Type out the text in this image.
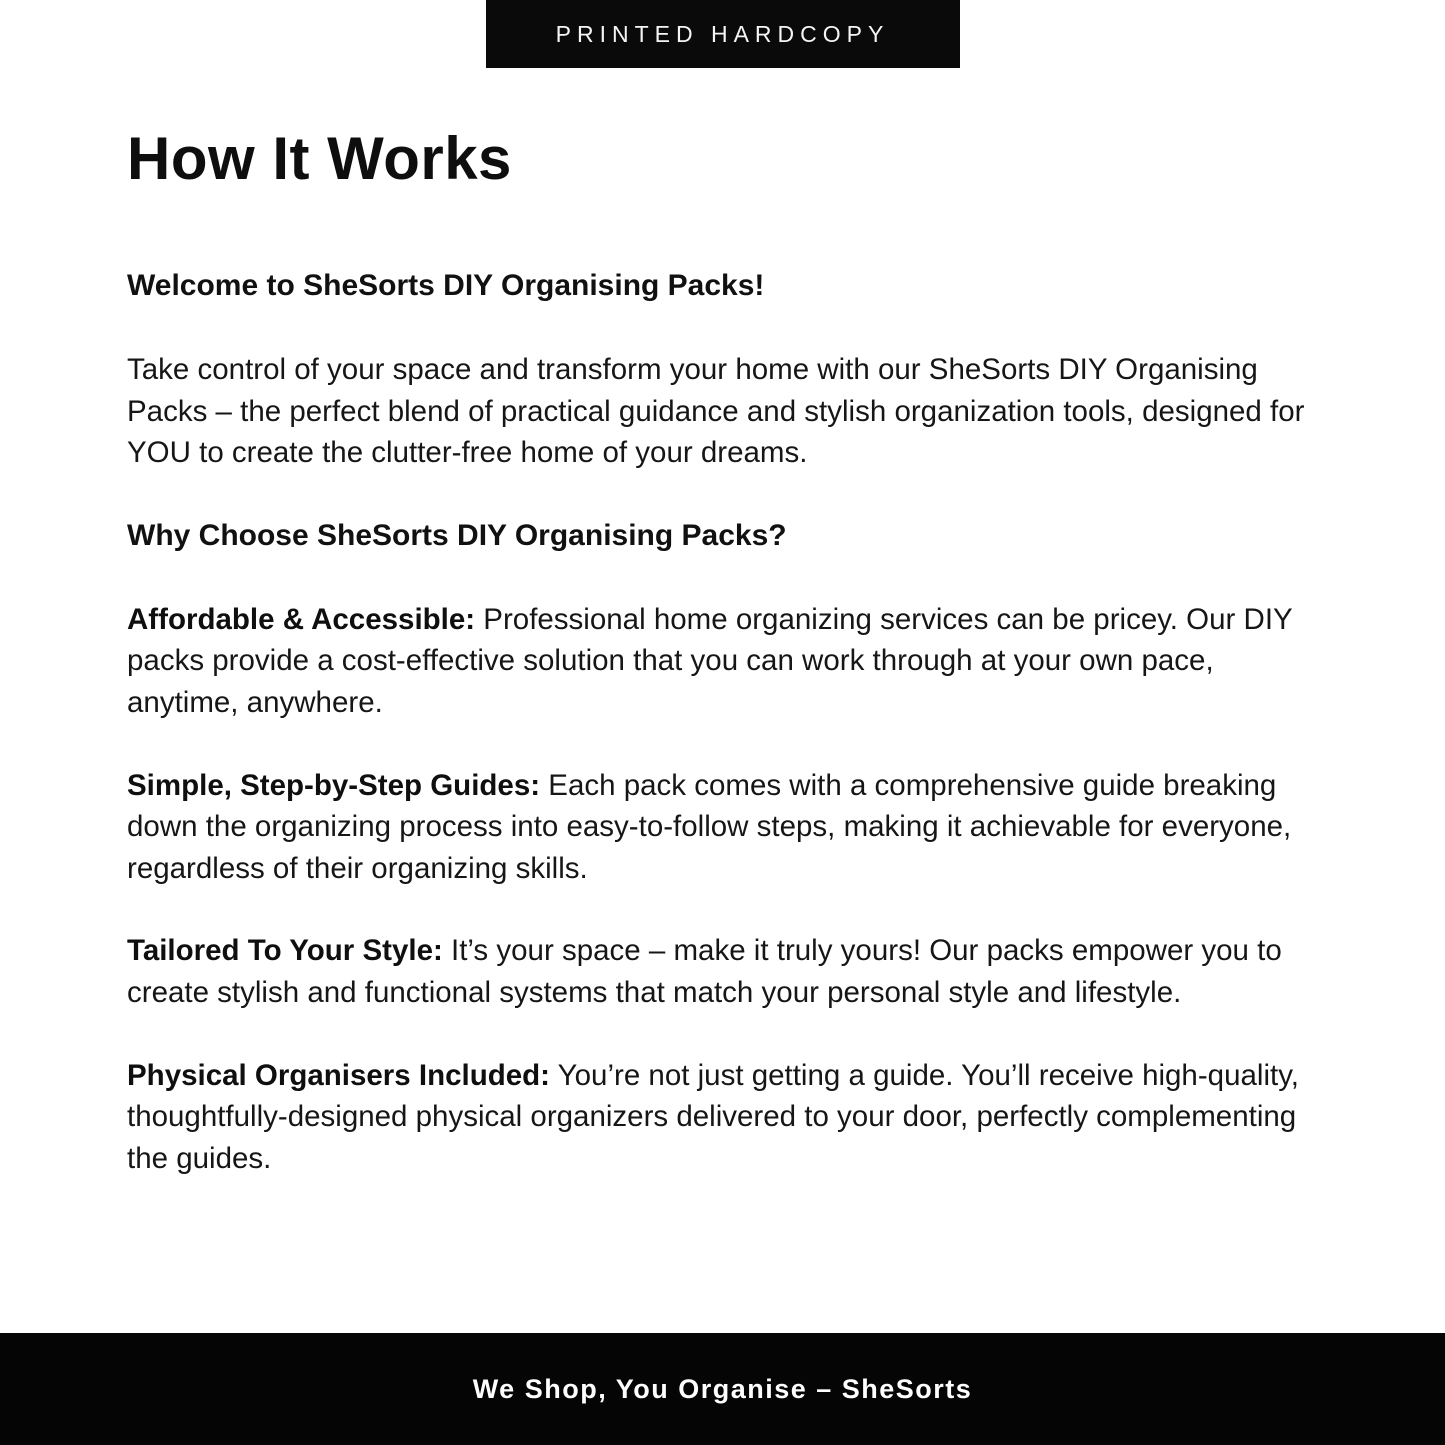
PRINTED HARDCOPY
How It Works
Welcome to SheSorts DIY Organising Packs!

Take control of your space and transform your home with our SheSorts DIY Organising Packs – the perfect blend of practical guidance and stylish organization tools, designed for YOU to create the clutter-free home of your dreams.

Why Choose SheSorts DIY Organising Packs?

Affordable & Accessible: Professional home organizing services can be pricey. Our DIY packs provide a cost-effective solution that you can work through at your own pace, anytime, anywhere.

Simple, Step-by-Step Guides: Each pack comes with a comprehensive guide breaking down the organizing process into easy-to-follow steps, making it achievable for everyone, regardless of their organizing skills.

Tailored To Your Style: It’s your space – make it truly yours! Our packs empower you to create stylish and functional systems that match your personal style and lifestyle.

Physical Organisers Included: You’re not just getting a guide. You’ll receive high-quality, thoughtfully-designed physical organizers delivered to your door, perfectly complementing the guides.

We Shop, You Organise – SheSorts
